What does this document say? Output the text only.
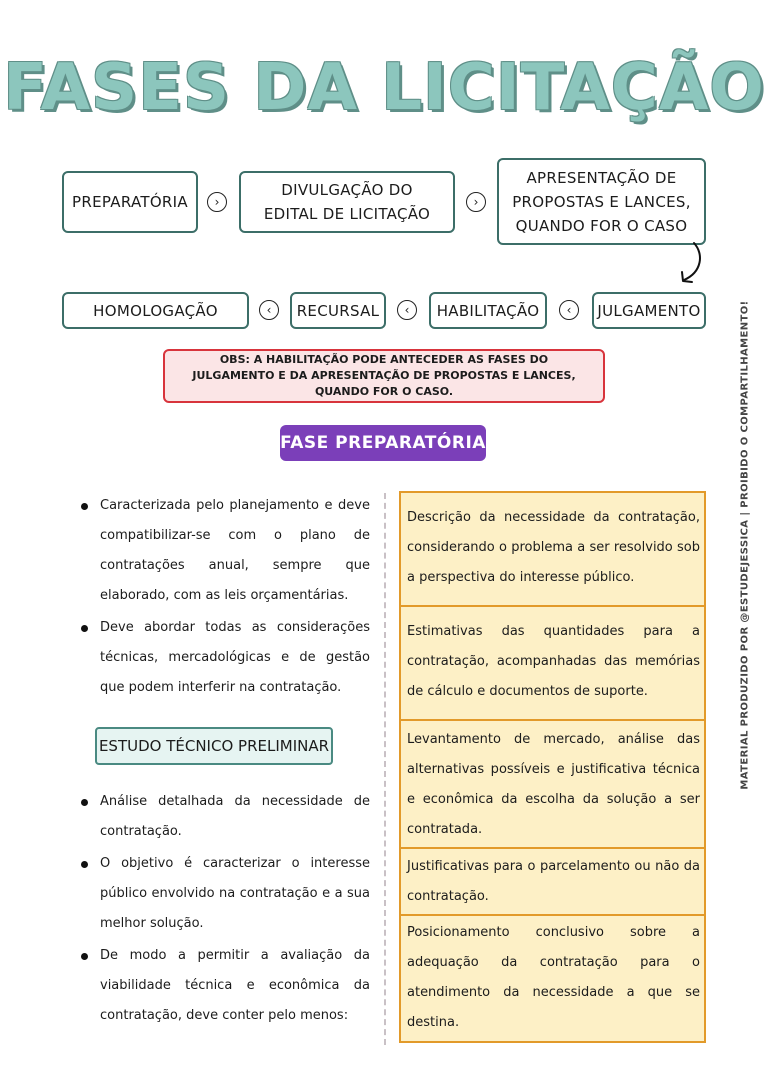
FASES DA LICITAÇÃO
PREPARATÓRIA	›
DIVULGAÇÃO DO EDITAL DE LICITAÇÃO
›
APRESENTAÇÃO DE PROPOSTAS E LANCES, QUANDO FOR O CASO
HOMOLOGAÇÃO	‹	RECURSAL	‹	HABILITAÇÃO	‹	JULGAMENTO
OBS: A HABILITAÇÃO PODE ANTECEDER AS FASES DO JULGAMENTO E DA APRESENTAÇÃO DE PROPOSTAS E LANCES, QUANDO FOR O CASO.
FASE PREPARATÓRIA
Caracterizada pelo planejamento e deve compatibilizar-se com o plano de contratações anual, sempre que elaborado, com as leis orçamentárias.
Deve abordar todas as considerações técnicas, mercadológicas e de gestão que podem interferir na contratação.
ESTUDO TÉCNICO PRELIMINAR
Análise detalhada da necessidade de contratação.
O objetivo é caracterizar o interesse público envolvido na contratação e a sua melhor solução.
De modo a permitir a avaliação da viabilidade técnica e econômica da contratação, deve conter pelo menos:
Descrição da necessidade da contratação, considerando o problema a ser resolvido sob a perspectiva do interesse público.
Estimativas das quantidades para a contratação, acompanhadas das memórias de cálculo e documentos de suporte.
Levantamento de mercado, análise das alternativas possíveis e justificativa técnica e econômica da escolha da solução a ser contratada.
Justificativas para o parcelamento ou não da contratação.
Posicionamento conclusivo sobre a adequação da contratação para o atendimento da necessidade a que se destina.
MATERIAL PRODUZIDO POR @ESTUDEJESSICA | PROIBIDO O COMPARTILHAMENTO!
